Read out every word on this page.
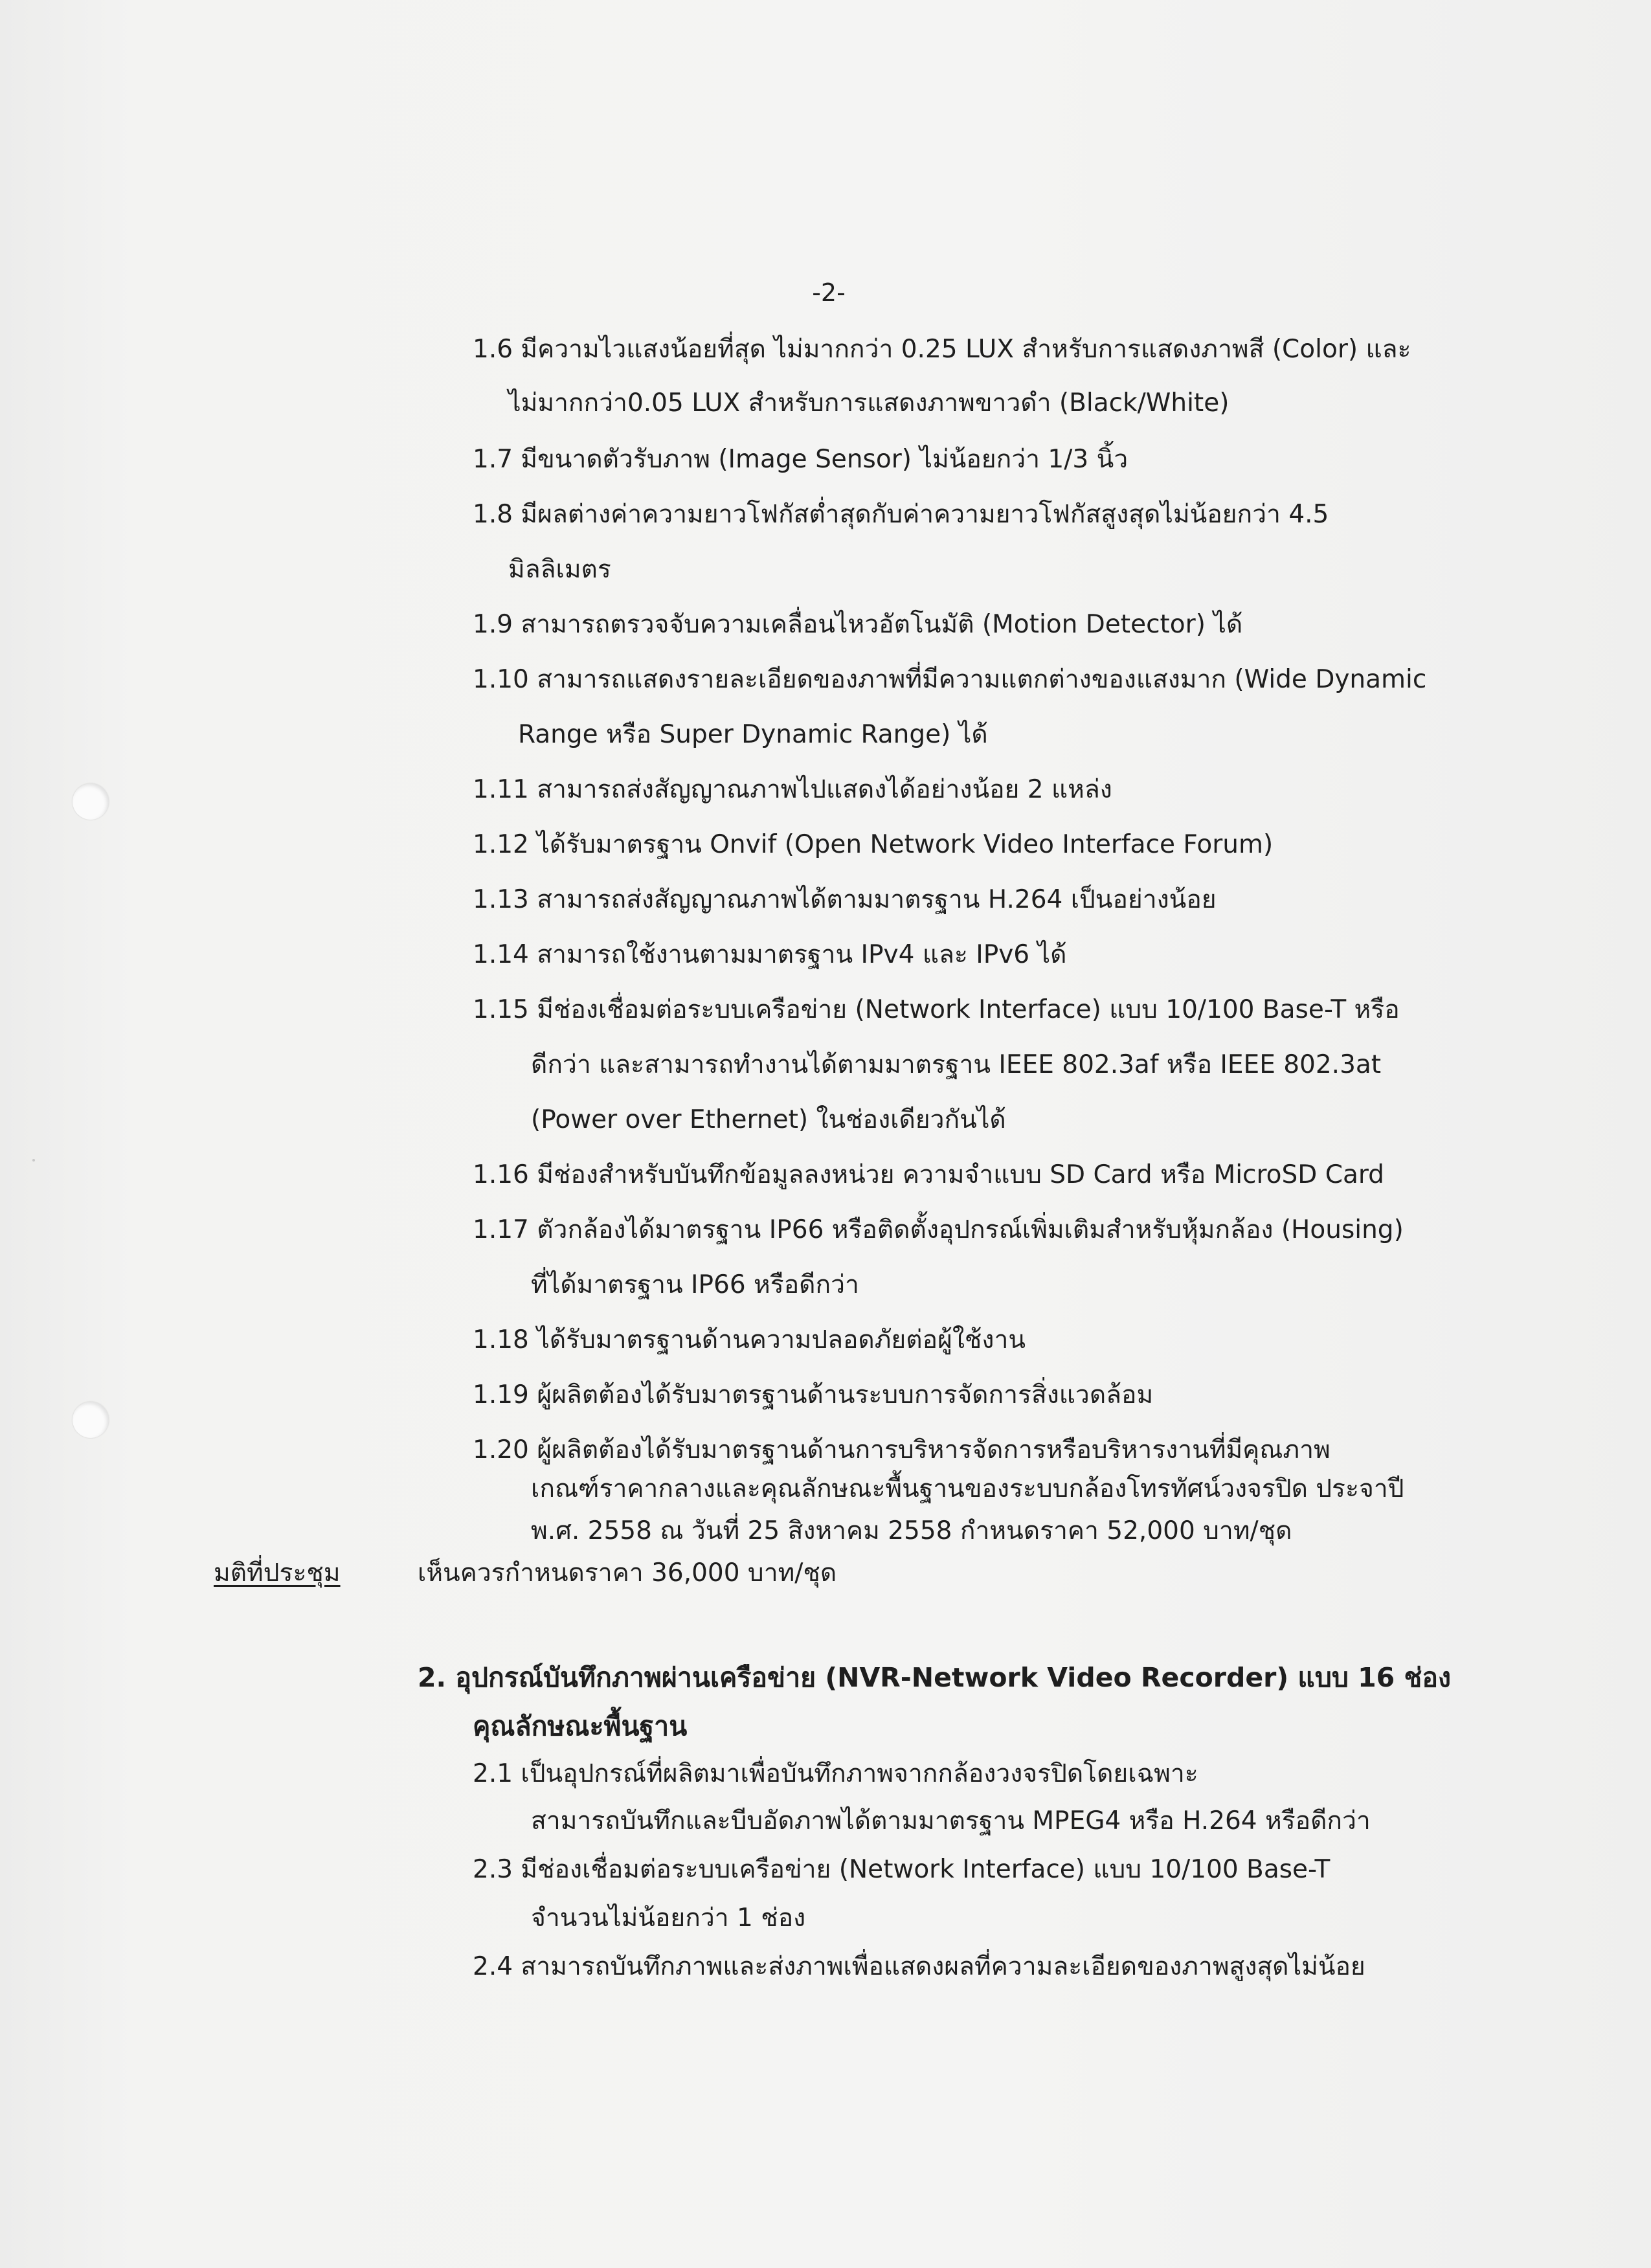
-2-
1.6 มีความไวแสงน้อยที่สุด ไม่มากกว่า 0.25 LUX สำหรับการแสดงภาพสี (Color) และ
ไม่มากกว่า0.05 LUX สำหรับการแสดงภาพขาวดำ (Black/White)
1.7 มีขนาดตัวรับภาพ (Image Sensor) ไม่น้อยกว่า 1/3 นิ้ว
1.8 มีผลต่างค่าความยาวโฟกัสต่ำสุดกับค่าความยาวโฟกัสสูงสุดไม่น้อยกว่า 4.5
มิลลิเมตร
1.9 สามารถตรวจจับความเคลื่อนไหวอัตโนมัติ (Motion Detector) ได้
1.10 สามารถแสดงรายละเอียดของภาพที่มีความแตกต่างของแสงมาก (Wide Dynamic
Range หรือ Super Dynamic Range) ได้
1.11 สามารถส่งสัญญาณภาพไปแสดงได้อย่างน้อย 2 แหล่ง
1.12 ได้รับมาตรฐาน Onvif (Open Network Video Interface Forum)
1.13 สามารถส่งสัญญาณภาพได้ตามมาตรฐาน H.264 เป็นอย่างน้อย
1.14 สามารถใช้งานตามมาตรฐาน IPv4 และ IPv6 ได้
1.15 มีช่องเชื่อมต่อระบบเครือข่าย (Network Interface) แบบ 10/100 Base-T หรือ
ดีกว่า และสามารถทำงานได้ตามมาตรฐาน IEEE 802.3af หรือ IEEE 802.3at
(Power over Ethernet) ในช่องเดียวกันได้
1.16 มีช่องสำหรับบันทึกข้อมูลลงหน่วย ความจำแบบ SD Card หรือ MicroSD Card
1.17 ตัวกล้องได้มาตรฐาน IP66 หรือติดตั้งอุปกรณ์เพิ่มเติมสำหรับหุ้มกล้อง (Housing)
ที่ได้มาตรฐาน IP66 หรือดีกว่า
1.18 ได้รับมาตรฐานด้านความปลอดภัยต่อผู้ใช้งาน
1.19 ผู้ผลิตต้องได้รับมาตรฐานด้านระบบการจัดการสิ่งแวดล้อม
1.20 ผู้ผลิตต้องได้รับมาตรฐานด้านการบริหารจัดการหรือบริหารงานที่มีคุณภาพ
เกณฑ์ราคากลางและคุณลักษณะพื้นฐานของระบบกล้องโทรทัศน์วงจรปิด ประจาปี
พ.ศ. 2558 ณ วันที่ 25 สิงหาคม 2558 กำหนดราคา 52,000 บาท/ชุด
มติที่ประชุม	เห็นควรกำหนดราคา 36,000 บาท/ชุด
2. อุปกรณ์บันทึกภาพผ่านเครือข่าย (NVR-Network Video Recorder) แบบ 16 ช่อง
คุณลักษณะพื้นฐาน
2.1 เป็นอุปกรณ์ที่ผลิตมาเพื่อบันทึกภาพจากกล้องวงจรปิดโดยเฉพาะ
สามารถบันทึกและบีบอัดภาพได้ตามมาตรฐาน MPEG4 หรือ H.264 หรือดีกว่า
2.3 มีช่องเชื่อมต่อระบบเครือข่าย (Network Interface) แบบ 10/100 Base-T
จำนวนไม่น้อยกว่า 1 ช่อง
2.4 สามารถบันทึกภาพและส่งภาพเพื่อแสดงผลที่ความละเอียดของภาพสูงสุดไม่น้อย
